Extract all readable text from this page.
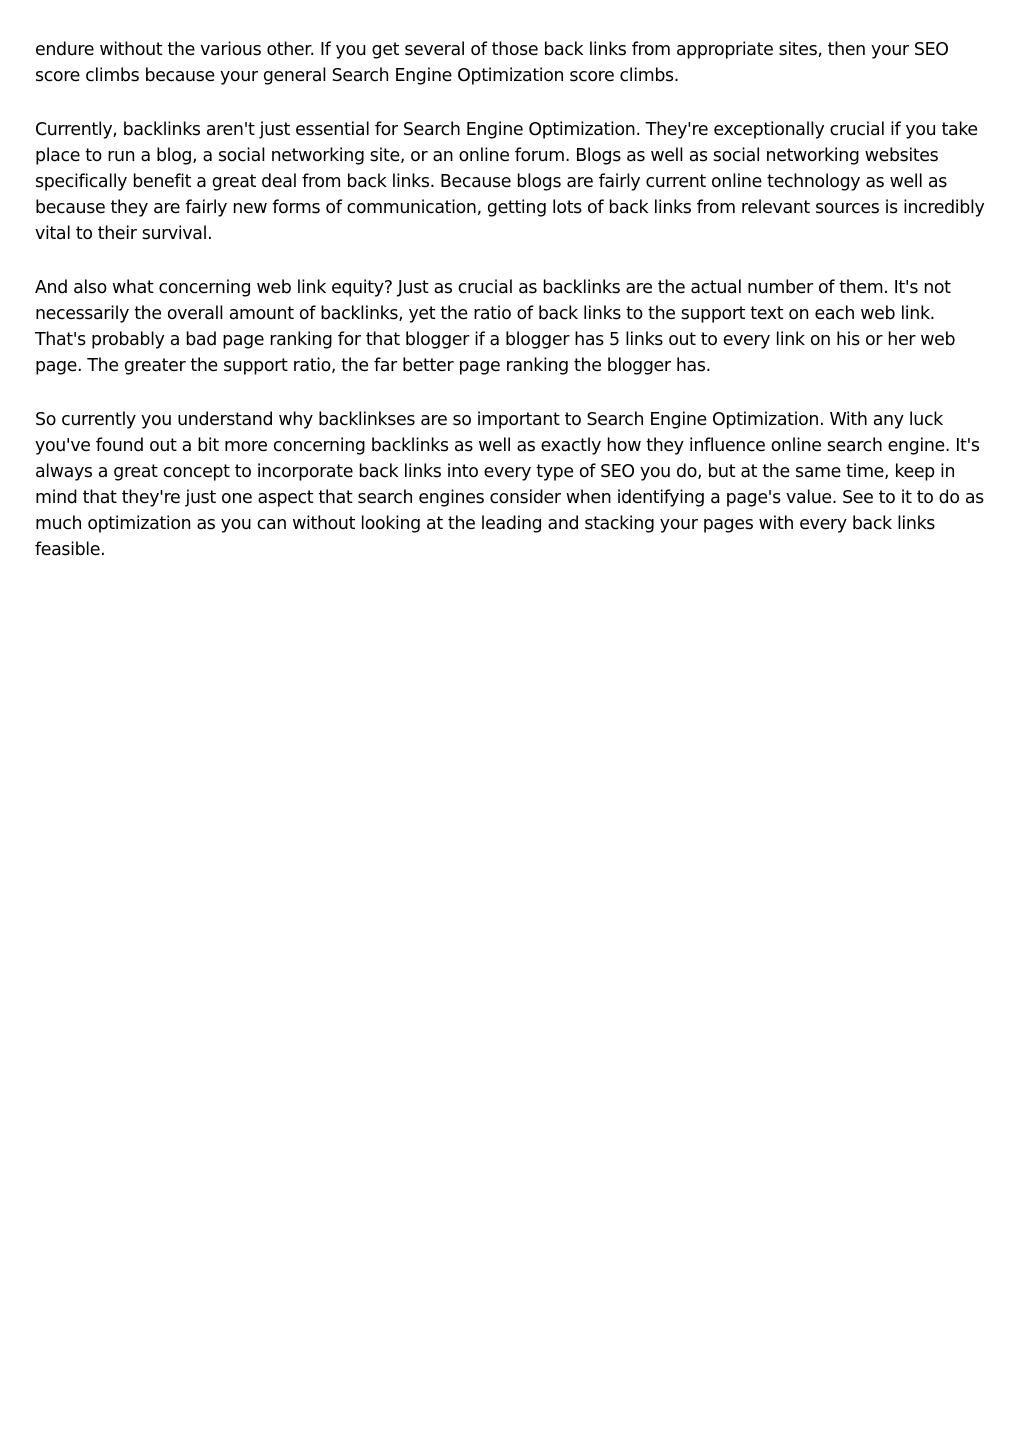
endure without the various other. If you get several of those back links from appropriate sites, then your SEO score climbs because your general Search Engine Optimization score climbs.

Currently, backlinks aren't just essential for Search Engine Optimization. They're exceptionally crucial if you take place to run a blog, a social networking site, or an online forum. Blogs as well as social networking websites specifically benefit a great deal from back links. Because blogs are fairly current online technology as well as because they are fairly new forms of communication, getting lots of back links from relevant sources is incredibly vital to their survival.

And also what concerning web link equity? Just as crucial as backlinks are the actual number of them. It's not necessarily the overall amount of backlinks, yet the ratio of back links to the support text on each web link. That's probably a bad page ranking for that blogger if a blogger has 5 links out to every link on his or her web page. The greater the support ratio, the far better page ranking the blogger has.

So currently you understand why backlinkses are so important to Search Engine Optimization. With any luck you've found out a bit more concerning backlinks as well as exactly how they influence online search engine. It's always a great concept to incorporate back links into every type of SEO you do, but at the same time, keep in mind that they're just one aspect that search engines consider when identifying a page's value. See to it to do as much optimization as you can without looking at the leading and stacking your pages with every back links feasible.
